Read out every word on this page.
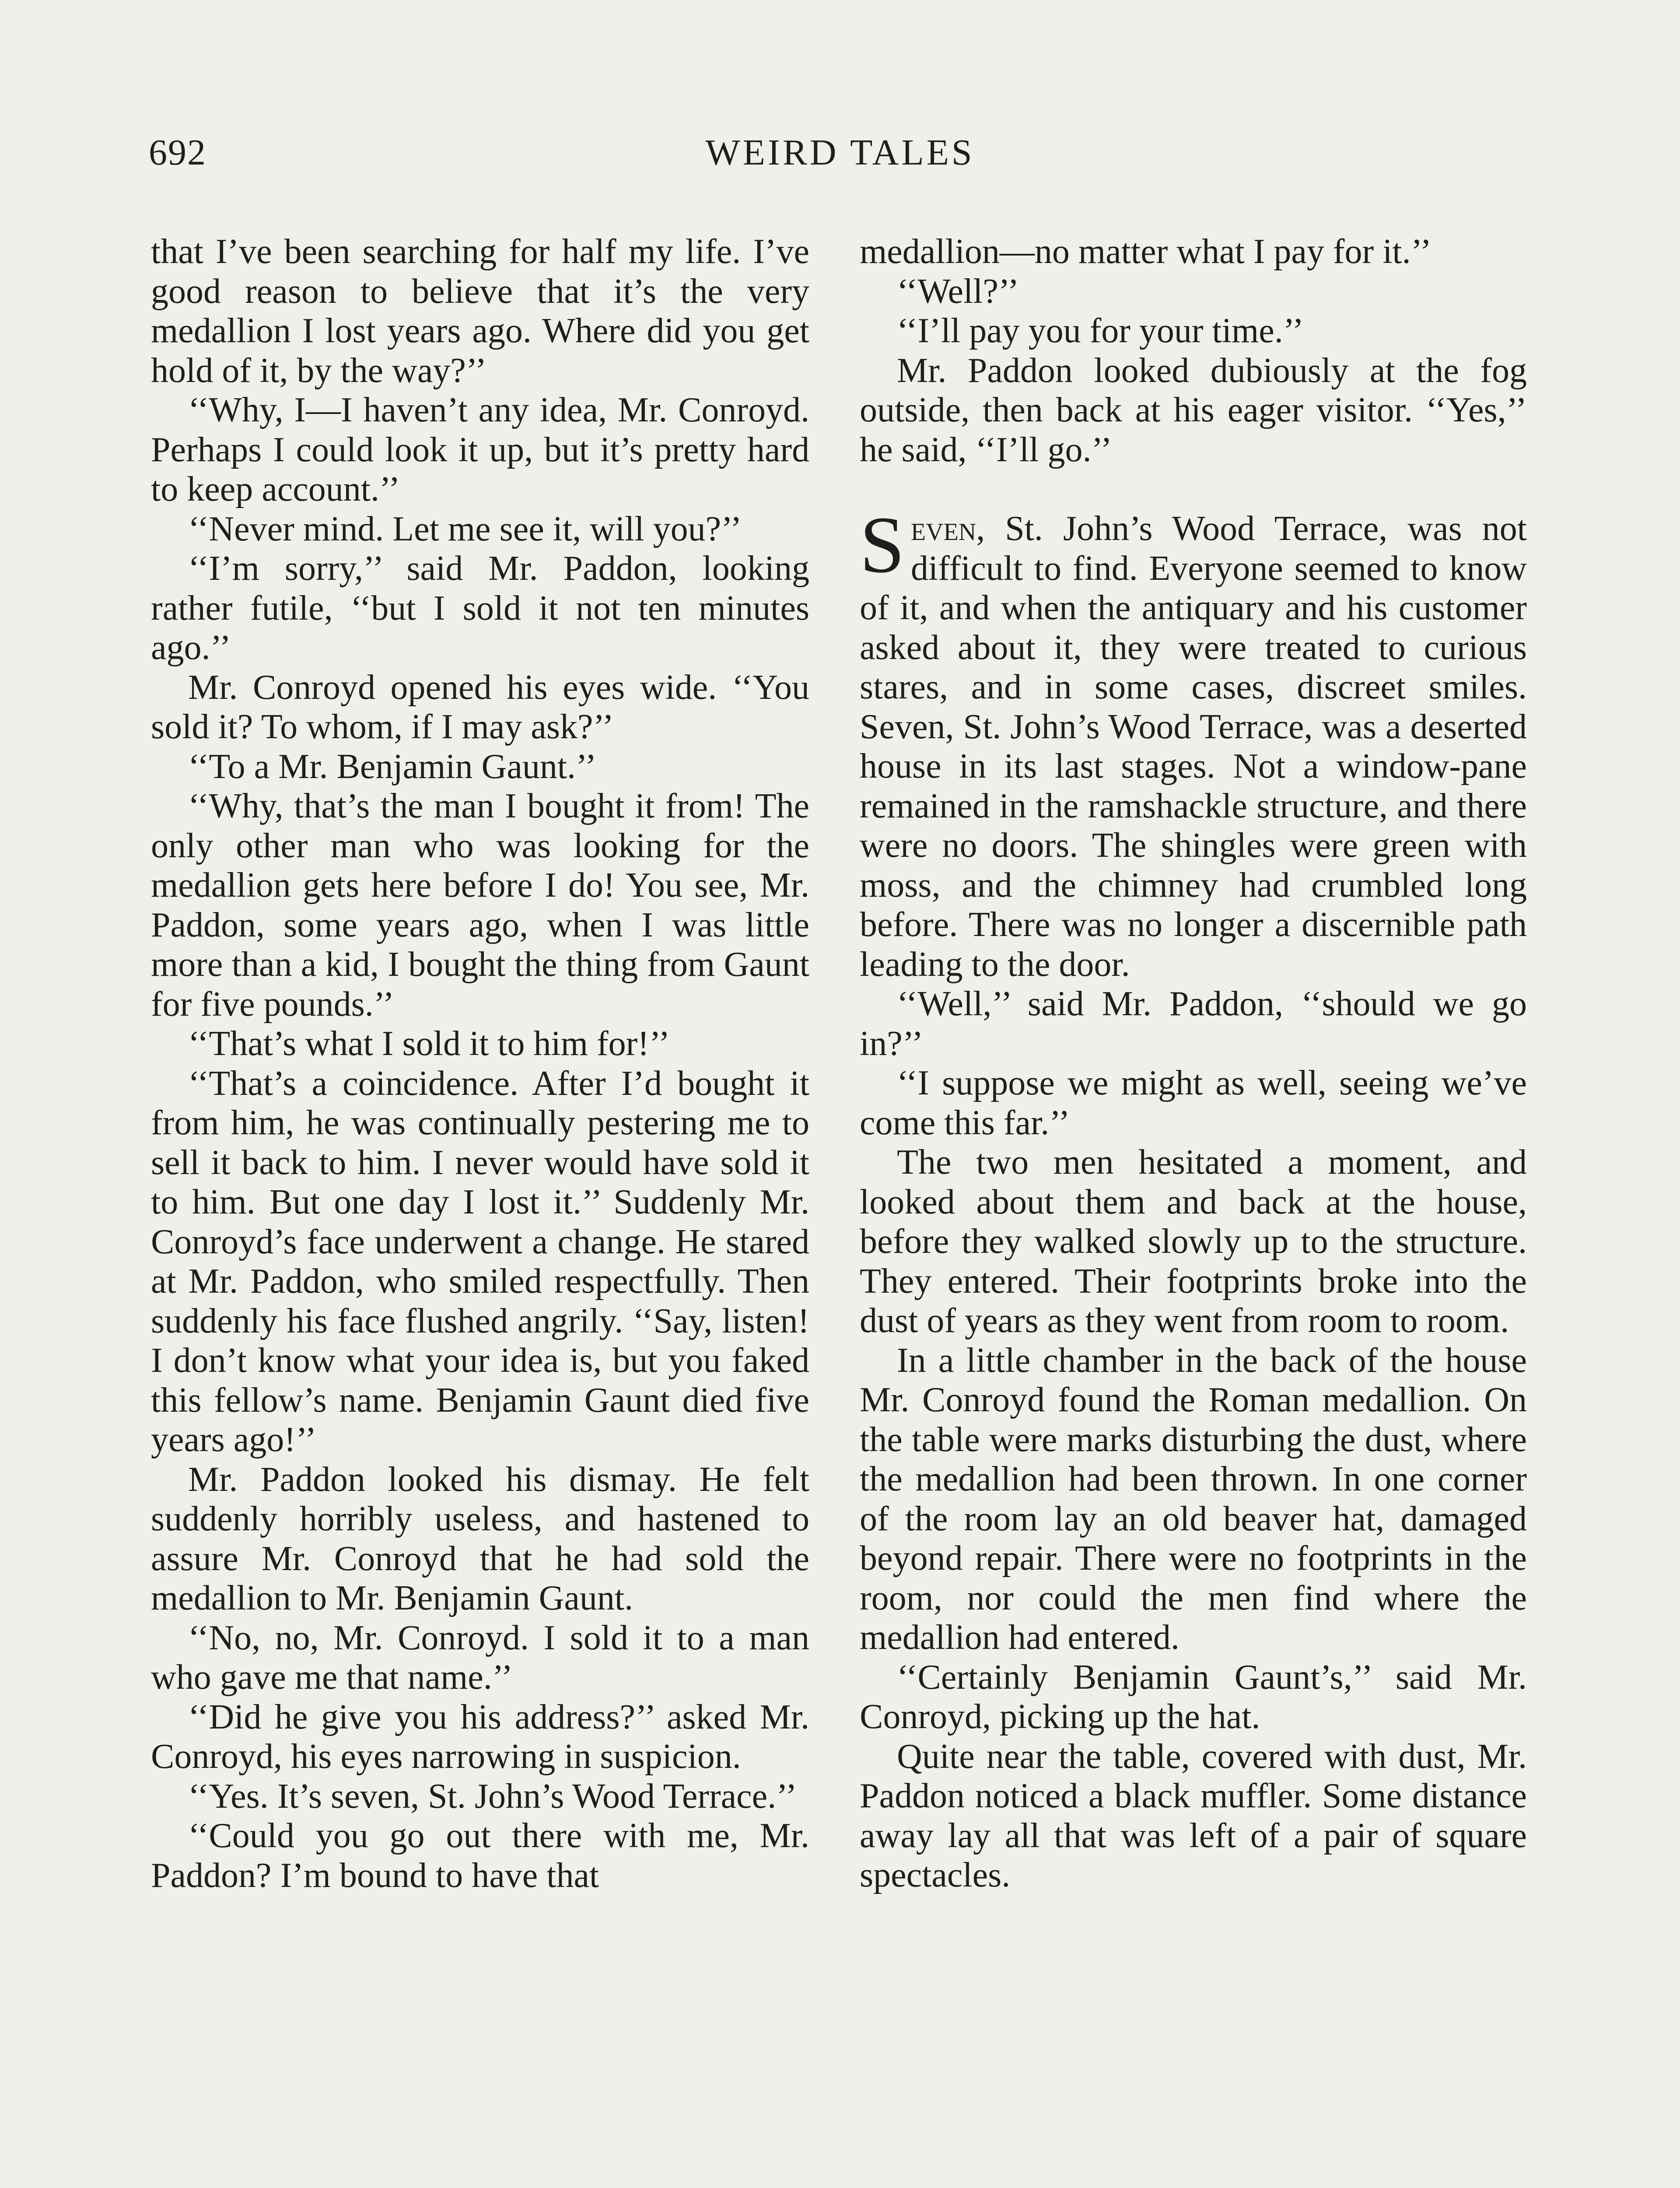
692	WEIRD TALES

that I’ve been searching for half my life. I’ve good reason to believe that it’s the very medallion I lost years ago. Where did you get hold of it, by the way?’’

‘‘Why, I—I haven’t any idea, Mr. Conroyd. Perhaps I could look it up, but it’s pretty hard to keep account.’’

‘‘Never mind. Let me see it, will you?’’

‘‘I’m sorry,’’ said Mr. Paddon, looking rather futile, ‘‘but I sold it not ten minutes ago.’’

Mr. Conroyd opened his eyes wide. ‘‘You sold it? To whom, if I may ask?’’

‘‘To a Mr. Benjamin Gaunt.’’

‘‘Why, that’s the man I bought it from! The only other man who was looking for the medallion gets here before I do! You see, Mr. Paddon, some years ago, when I was little more than a kid, I bought the thing from Gaunt for five pounds.’’

‘‘That’s what I sold it to him for!’’

‘‘That’s a coincidence. After I’d bought it from him, he was continually pestering me to sell it back to him. I never would have sold it to him. But one day I lost it.’’ Suddenly Mr. Conroyd’s face underwent a change. He stared at Mr. Paddon, who smiled respectfully. Then suddenly his face flushed angrily. ‘‘Say, listen! I don’t know what your idea is, but you faked this fellow’s name. Benjamin Gaunt died five years ago!’’

Mr. Paddon looked his dismay. He felt suddenly horribly useless, and hastened to assure Mr. Conroyd that he had sold the medallion to Mr. Benjamin Gaunt.

‘‘No, no, Mr. Conroyd. I sold it to a man who gave me that name.’’

‘‘Did he give you his address?’’ asked Mr. Conroyd, his eyes narrowing in suspicion.

‘‘Yes. It’s seven, St. John’s Wood Terrace.’’

‘‘Could you go out there with me, Mr. Paddon? I’m bound to have that

medallion—no matter what I pay for it.’’

‘‘Well?’’

‘‘I’ll pay you for your time.’’

Mr. Paddon looked dubiously at the fog outside, then back at his eager visitor. ‘‘Yes,’’ he said, ‘‘I’ll go.’’

Seven, St. John’s Wood Terrace, was not difficult to find. Everyone seemed to know of it, and when the antiquary and his customer asked about it, they were treated to curious stares, and in some cases, discreet smiles. Seven, St. John’s Wood Terrace, was a deserted house in its last stages. Not a window-pane remained in the ramshackle structure, and there were no doors. The shingles were green with moss, and the chimney had crumbled long before. There was no longer a discernible path leading to the door.

‘‘Well,’’ said Mr. Paddon, ‘‘should we go in?’’

‘‘I suppose we might as well, seeing we’ve come this far.’’

The two men hesitated a moment, and looked about them and back at the house, before they walked slowly up to the structure. They entered. Their footprints broke into the dust of years as they went from room to room.

In a little chamber in the back of the house Mr. Conroyd found the Roman medallion. On the table were marks disturbing the dust, where the medallion had been thrown. In one corner of the room lay an old beaver hat, damaged beyond repair. There were no footprints in the room, nor could the men find where the medallion had entered.

‘‘Certainly Benjamin Gaunt’s,’’ said Mr. Conroyd, picking up the hat.

Quite near the table, covered with dust, Mr. Paddon noticed a black muffler. Some distance away lay all that was left of a pair of square spectacles.
